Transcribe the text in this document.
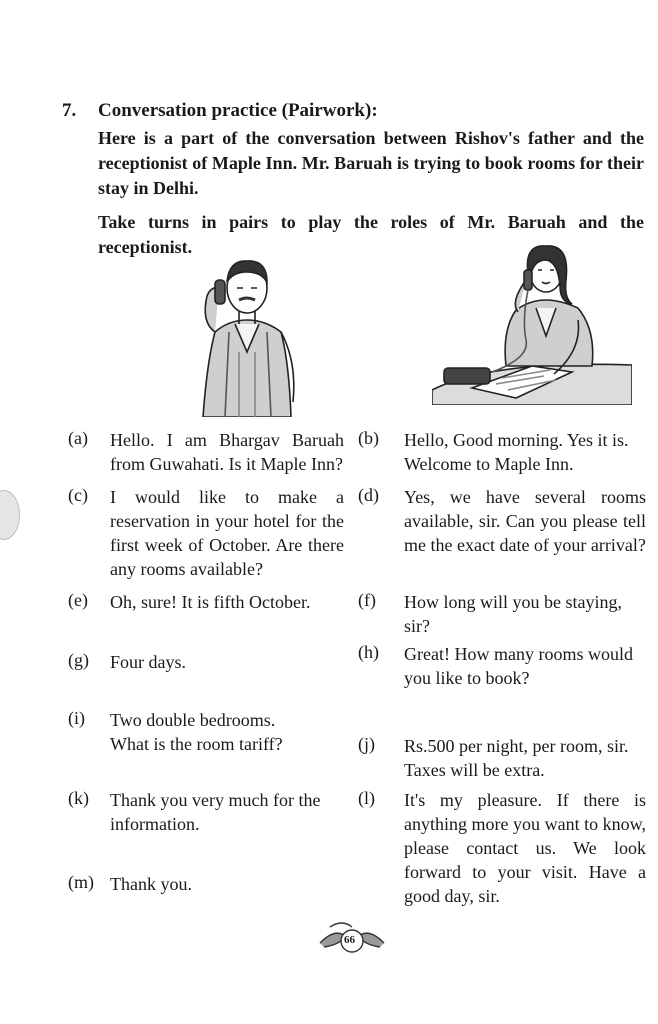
7. Conversation practice (Pairwork):
Here is a part of the conversation between Rishov's father and the receptionist of Maple Inn. Mr. Baruah is trying to book rooms for their stay in Delhi.
Take turns in pairs to play the roles of Mr. Baruah and the receptionist.
(a) Hello. I am Bhargav Baruah from Guwahati. Is it Maple Inn?
(b) Hello, Good morning. Yes it is. Welcome to Maple Inn.
(c) I would like to make a reservation in your hotel for the first week of October. Are there any rooms available?
(d) Yes, we have several rooms available, sir. Can you please tell me the exact date of your arrival?
(e) Oh, sure! It is fifth October.	(f) How long will you be staying, sir?
(g) Four days.	(h) Great! How many rooms would you like to book?
(i) Two double bedrooms. What is the room tariff?	(j) Rs.500 per night, per room, sir. Taxes will be extra.
(k) Thank you very much for the information.
(l) It's my pleasure. If there is anything more you want to know, please contact us. We look forward to your visit. Have a good day, sir.
(m) Thank you.
66
